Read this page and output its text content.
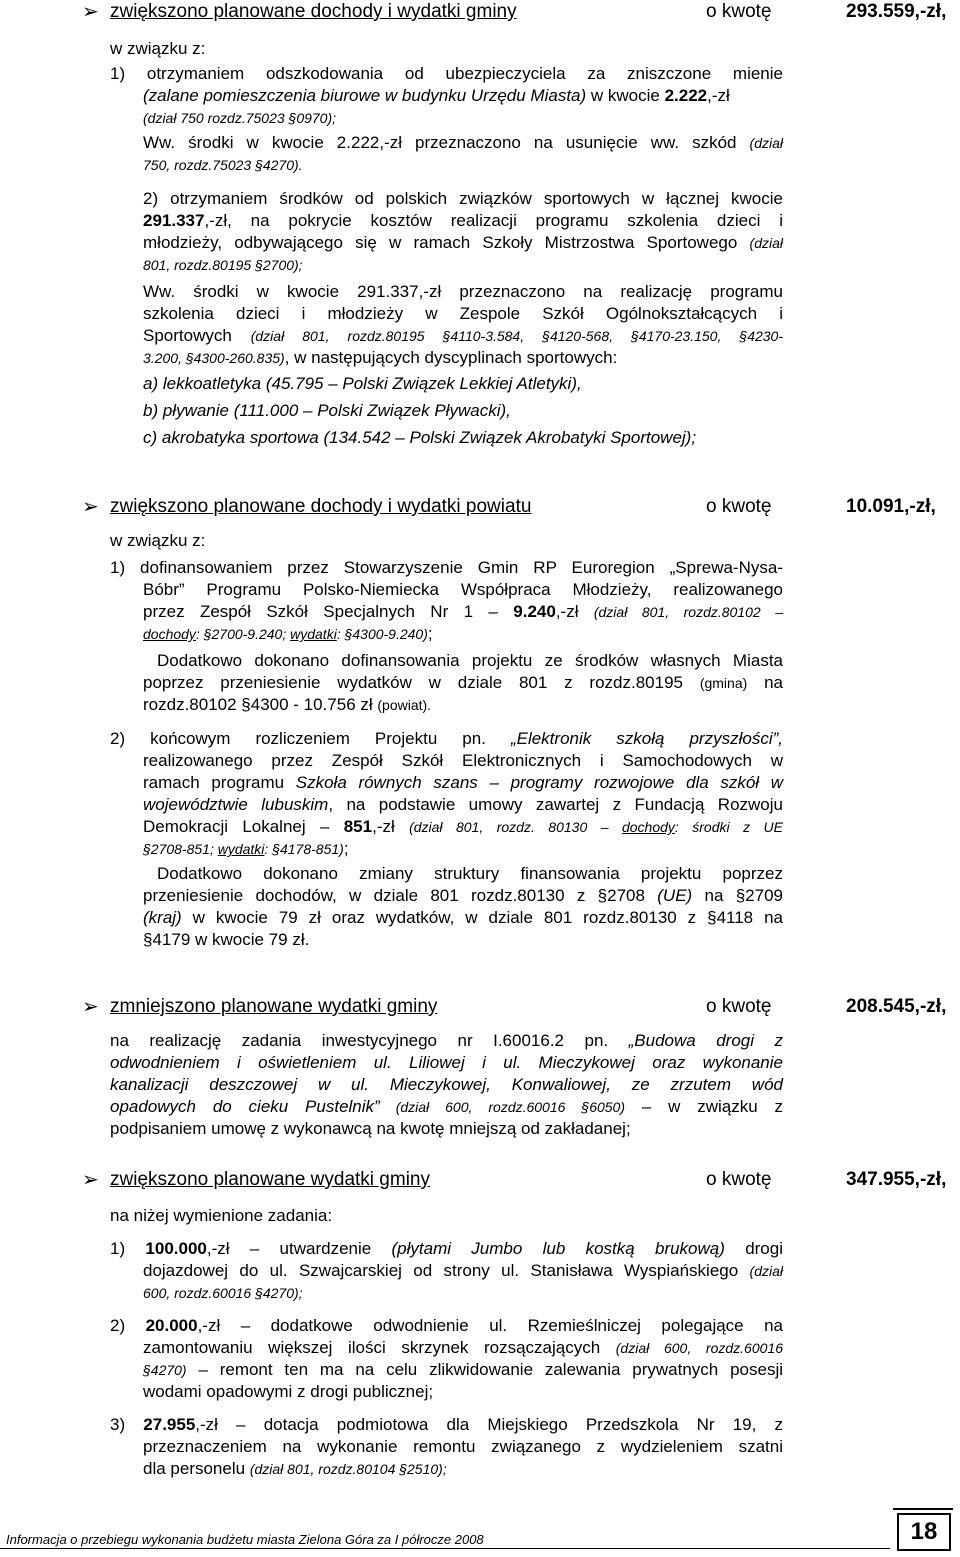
➢ zwiększono planowane dochody i wydatki gminy	o kwotę	293.559,-zł,
w związku z:
1) otrzymaniem odszkodowania od ubezpieczyciela za zniszczone mienie
(zalane pomieszczenia biurowe w budynku Urzędu Miasta) w kwocie 2.222,-zł
(dział 750 rozdz.75023 §0970);
Ww. środki w kwocie 2.222,-zł przeznaczono na usunięcie ww. szkód (dział
750, rozdz.75023 §4270).
2) otrzymaniem środków od polskich związków sportowych w łącznej kwocie
291.337,-zł, na pokrycie kosztów realizacji programu szkolenia dzieci i
młodzieży, odbywającego się w ramach Szkoły Mistrzostwa Sportowego (dział
801, rozdz.80195 §2700);
Ww. środki w kwocie 291.337,-zł przeznaczono na realizację programu
szkolenia dzieci i młodzieży w Zespole Szkół Ogólnokształcących i
Sportowych (dział 801, rozdz.80195 §4110-3.584, §4120-568, §4170-23.150, §4230-
3.200, §4300-260.835), w następujących dyscyplinach sportowych:
a) lekkoatletyka (45.795 – Polski Związek Lekkiej Atletyki),
b) pływanie (111.000 – Polski Związek Pływacki),
c) akrobatyka sportowa (134.542 – Polski Związek Akrobatyki Sportowej);
➢ zwiększono planowane dochody i wydatki powiatu	o kwotę	10.091,-zł,
w związku z:
1) dofinansowaniem przez Stowarzyszenie Gmin RP Euroregion „Sprewa-Nysa-
Bóbr” Programu Polsko-Niemiecka Współpraca Młodzieży, realizowanego
przez Zespół Szkół Specjalnych Nr 1 – 9.240,-zł (dział 801, rozdz.80102 –
dochody: §2700-9.240; wydatki: §4300-9.240);
Dodatkowo dokonano dofinansowania projektu ze środków własnych Miasta
poprzez przeniesienie wydatków w dziale 801 z rozdz.80195 (gmina) na
rozdz.80102 §4300 - 10.756 zł (powiat).
2) końcowym rozliczeniem Projektu pn. „Elektronik szkołą przyszłości”,
realizowanego przez Zespół Szkół Elektronicznych i Samochodowych w
ramach programu Szkoła równych szans – programy rozwojowe dla szkół w
województwie lubuskim, na podstawie umowy zawartej z Fundacją Rozwoju
Demokracji Lokalnej – 851,-zł (dział 801, rozdz. 80130 – dochody: środki z UE
§2708-851; wydatki: §4178-851);
Dodatkowo dokonano zmiany struktury finansowania projektu poprzez
przeniesienie dochodów, w dziale 801 rozdz.80130 z §2708 (UE) na §2709
(kraj) w kwocie 79 zł oraz wydatków, w dziale 801 rozdz.80130 z §4118 na
§4179 w kwocie 79 zł.
➢ zmniejszono planowane wydatki gminy	o kwotę	208.545,-zł,
na realizację zadania inwestycyjnego nr I.60016.2 pn. „Budowa drogi z
odwodnieniem i oświetleniem ul. Liliowej i ul. Mieczykowej oraz wykonanie
kanalizacji deszczowej w ul. Mieczykowej, Konwaliowej, ze zrzutem wód
opadowych do cieku Pustelnik” (dział 600, rozdz.60016 §6050) – w związku z
podpisaniem umowę z wykonawcą na kwotę mniejszą od zakładanej;
➢ zwiększono planowane wydatki gminy	o kwotę	347.955,-zł,
na niżej wymienione zadania:
1) 100.000,-zł – utwardzenie (płytami Jumbo lub kostką brukową) drogi
dojazdowej do ul. Szwajcarskiej od strony ul. Stanisława Wyspiańskiego (dział
600, rozdz.60016 §4270);
2) 20.000,-zł – dodatkowe odwodnienie ul. Rzemieślniczej polegające na
zamontowaniu większej ilości skrzynek rozsączających (dział 600, rozdz.60016
§4270) – remont ten ma na celu zlikwidowanie zalewania prywatnych posesji
wodami opadowymi z drogi publicznej;
3) 27.955,-zł – dotacja podmiotowa dla Miejskiego Przedszkola Nr 19, z
przeznaczeniem na wykonanie remontu związanego z wydzieleniem szatni
dla personelu (dział 801, rozdz.80104 §2510);
Informacja o przebiegu wykonania budżetu miasta Zielona Góra za I półrocze 2008	18
